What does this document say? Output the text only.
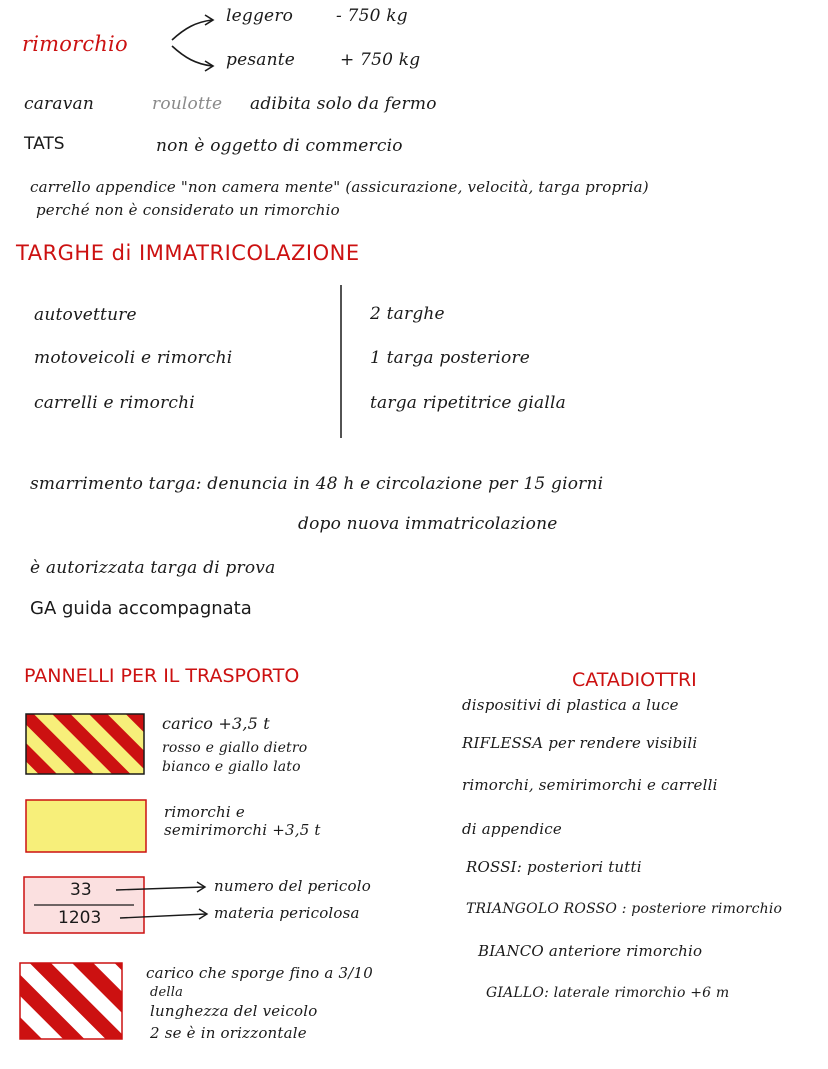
rimorchio
leggero	- 750 kg
pesante	+ 750 kg
caravan	roulotte adibita solo da fermo
TATS	non è oggetto di commercio
carrello appendice "non camera mente" (assicurazione, velocità, targa propria)
perché non è considerato un rimorchio
TARGHE di IMMATRICOLAZIONE
autovetture	2 targhe
motoveicoli e rimorchi	1 targa posteriore
carrelli e rimorchi	targa ripetitrice gialla
smarrimento targa: denuncia in 48 h e circolazione per 15 giorni
dopo nuova immatricolazione
è autorizzata targa di prova
GA guida accompagnata
PANNELLI PER IL TRASPORTO
carico +3,5 t
rosso e giallo dietro
bianco e giallo lato
rimorchi e
semirimorchi +3,5 t
33
1203
numero del pericolo
materia pericolosa
carico che sporge fino a 3/10
della
lunghezza del veicolo
2 se è in orizzontale
CATADIOTTRI
dispositivi di plastica a luce
RIFLESSA per rendere visibili
rimorchi, semirimorchi e carrelli
di appendice
ROSSI: posteriori tutti
TRIANGOLO ROSSO : posteriore rimorchio
BIANCO anteriore rimorchio
GIALLO: laterale rimorchio +6 m
